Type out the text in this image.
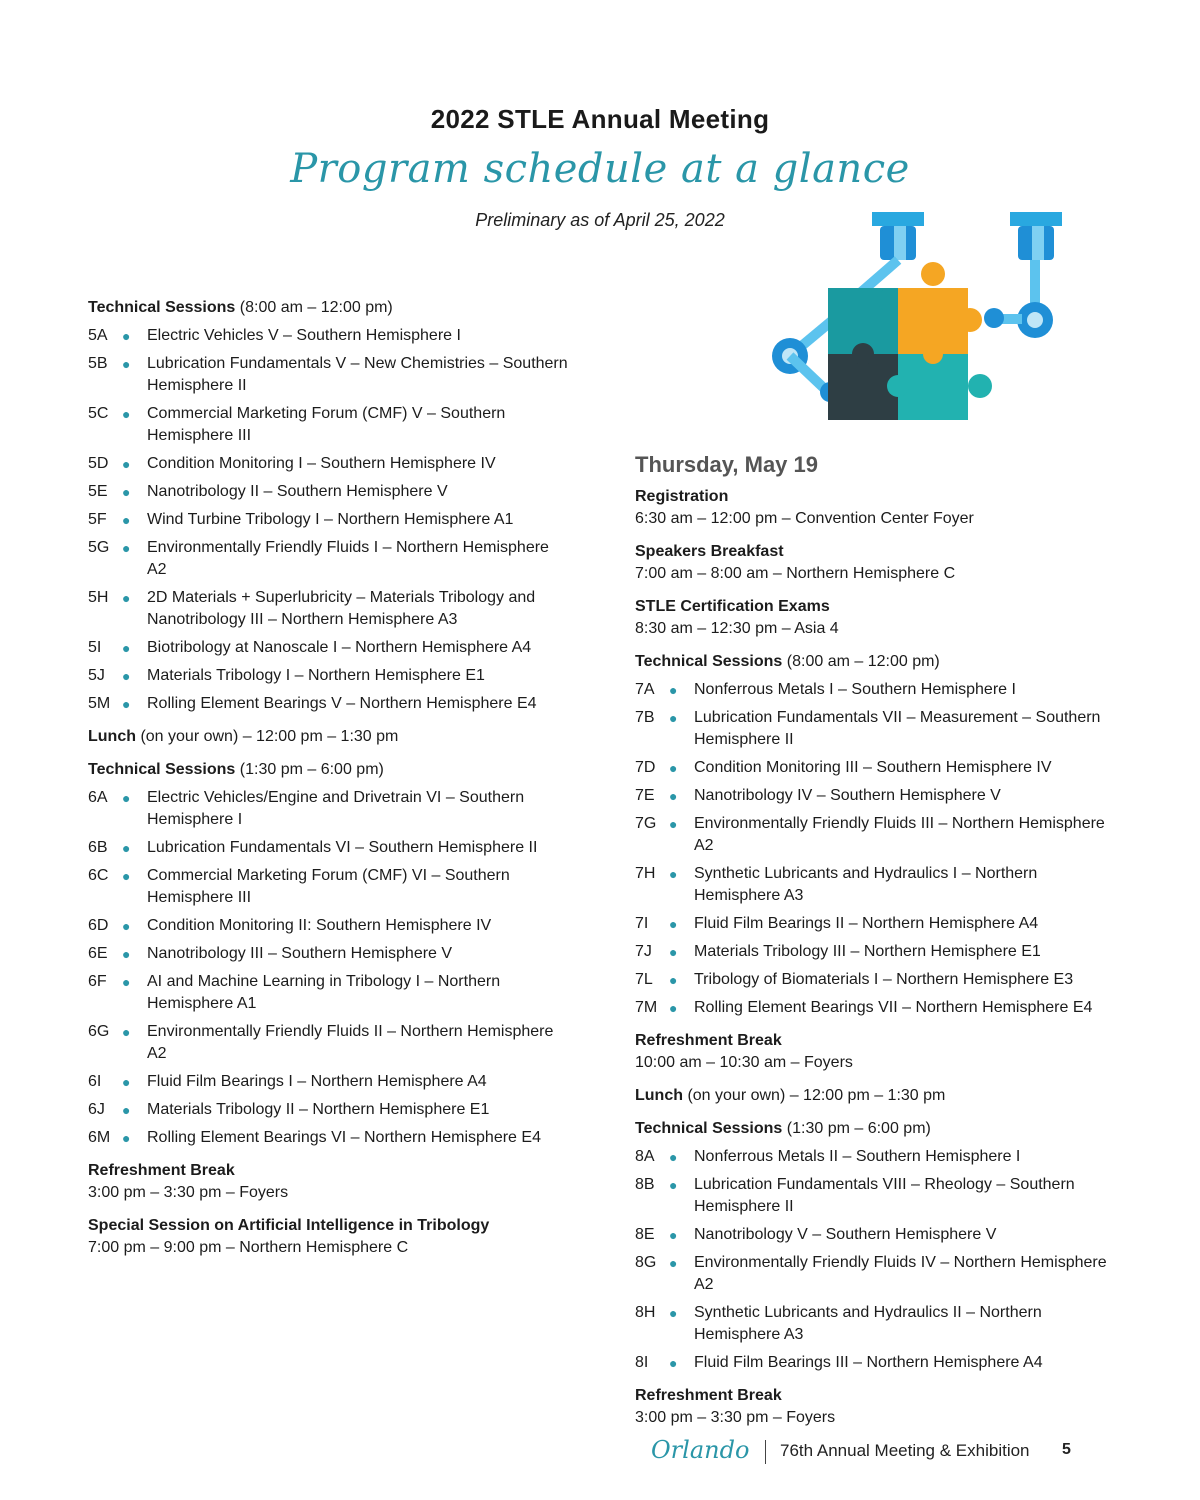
2022 STLE Annual Meeting
Program schedule at a glance
Preliminary as of April 25, 2022
Technical Sessions (8:00 am – 12:00 pm)
5A	●	Electric Vehicles V – Southern Hemisphere I
5B	●	Lubrication Fundamentals V – New Chemistries – Southern Hemisphere II
5C ●	Commercial Marketing Forum (CMF) V – Southern Hemisphere III
5D ●	Condition Monitoring I – Southern Hemisphere IV
5E	●	Nanotribology II – Southern Hemisphere V
5F	●	Wind Turbine Tribology I – Northern Hemisphere A1
5G ●	Environmentally Friendly Fluids I – Northern Hemisphere A2
5H ●	2D Materials + Superlubricity – Materials Tribology and Nanotribology III – Northern Hemisphere A3
5I	●	Biotribology at Nanoscale I – Northern Hemisphere A4
5J	●	Materials Tribology I – Northern Hemisphere E1
5M ●	Rolling Element Bearings V – Northern Hemisphere E4
Lunch (on your own) – 12:00 pm – 1:30 pm
Technical Sessions (1:30 pm – 6:00 pm)
6A	●	Electric Vehicles/Engine and Drivetrain VI – Southern Hemisphere I
6B	●	Lubrication Fundamentals VI – Southern Hemisphere II
6C ●	Commercial Marketing Forum (CMF) VI – Southern Hemisphere III
6D ●	Condition Monitoring II: Southern Hemisphere IV
6E	●	Nanotribology III – Southern Hemisphere V
6F	●	AI and Machine Learning in Tribology I – Northern Hemisphere A1
6G ●	Environmentally Friendly Fluids II – Northern Hemisphere A2
6I	●	Fluid Film Bearings I – Northern Hemisphere A4
6J	●	Materials Tribology II – Northern Hemisphere E1
6M ●	Rolling Element Bearings VI – Northern Hemisphere E4
Refreshment Break
3:00 pm – 3:30 pm – Foyers
Special Session on Artificial Intelligence in Tribology
7:00 pm – 9:00 pm – Northern Hemisphere C
Thursday, May 19
Registration
6:30 am – 12:00 pm – Convention Center Foyer
Speakers Breakfast
7:00 am – 8:00 am – Northern Hemisphere C
STLE Certification Exams
8:30 am – 12:30 pm – Asia 4
Technical Sessions (8:00 am – 12:00 pm)
7A	●	Nonferrous Metals I – Southern Hemisphere I
7B	●	Lubrication Fundamentals VII – Measurement – Southern Hemisphere II
7D ●	Condition Monitoring III – Southern Hemisphere IV
7E	●	Nanotribology IV – Southern Hemisphere V
7G ●	Environmentally Friendly Fluids III – Northern Hemisphere A2
7H ●	Synthetic Lubricants and Hydraulics I – Northern Hemisphere A3
7I	●	Fluid Film Bearings II – Northern Hemisphere A4
7J	●	Materials Tribology III – Northern Hemisphere E1
7L	●	Tribology of Biomaterials I – Northern Hemisphere E3
7M ●	Rolling Element Bearings VII – Northern Hemisphere E4
Refreshment Break
10:00 am – 10:30 am – Foyers
Lunch (on your own) – 12:00 pm – 1:30 pm
Technical Sessions (1:30 pm – 6:00 pm)
8A	●	Nonferrous Metals II – Southern Hemisphere I
8B	●	Lubrication Fundamentals VIII – Rheology – Southern Hemisphere II
8E	●	Nanotribology V – Southern Hemisphere V
8G ●	Environmentally Friendly Fluids IV – Northern Hemisphere A2
8H ●	Synthetic Lubricants and Hydraulics II – Northern Hemisphere A3
8I	●	Fluid Film Bearings III – Northern Hemisphere A4
Refreshment Break
3:00 pm – 3:30 pm – Foyers
Orlando 76th Annual Meeting & Exhibition 5
